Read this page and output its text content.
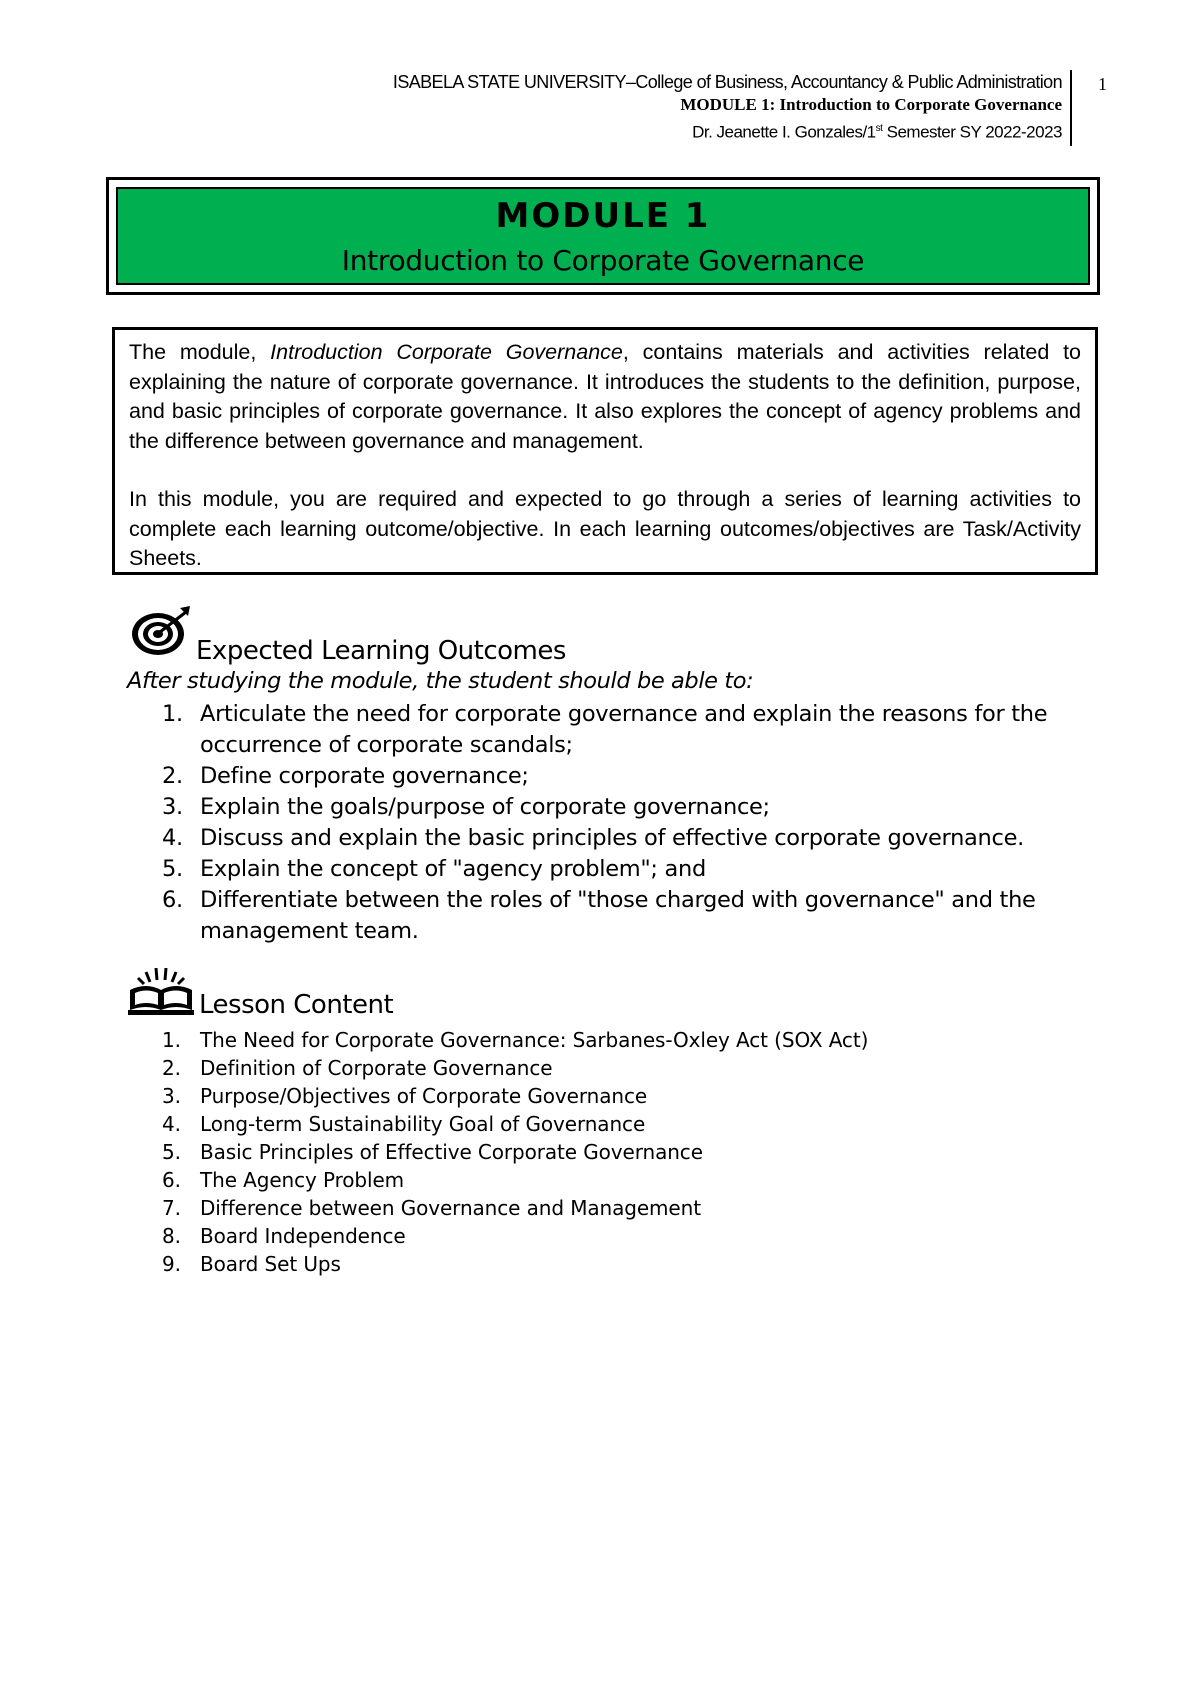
ISABELA STATE UNIVERSITY–College of Business, Accountancy & Public Administration
MODULE 1: Introduction to Corporate Governance
Dr. Jeanette I. Gonzales/1st Semester SY 2022-2023
1
MODULE 1
Introduction to Corporate Governance

The module, Introduction Corporate Governance, contains materials and activities related to explaining the nature of corporate governance. It introduces the students to the definition, purpose, and basic principles of corporate governance. It also explores the concept of agency problems and the difference between governance and management.

In this module, you are required and expected to go through a series of learning activities to complete each learning outcome/objective. In each learning outcomes/objectives are Task/Activity Sheets.

Expected Learning Outcomes
After studying the module, the student should be able to:
1. Articulate the need for corporate governance and explain the reasons for the occurrence of corporate scandals;
2. Define corporate governance;
3. Explain the goals/purpose of corporate governance;
4. Discuss and explain the basic principles of effective corporate governance.
5. Explain the concept of "agency problem"; and
6. Differentiate between the roles of "those charged with governance" and the management team.
Lesson Content
1. The Need for Corporate Governance: Sarbanes-Oxley Act (SOX Act)
2. Definition of Corporate Governance
3. Purpose/Objectives of Corporate Governance
4. Long-term Sustainability Goal of Governance
5. Basic Principles of Effective Corporate Governance
6. The Agency Problem
7. Difference between Governance and Management
8. Board Independence
9. Board Set Ups
